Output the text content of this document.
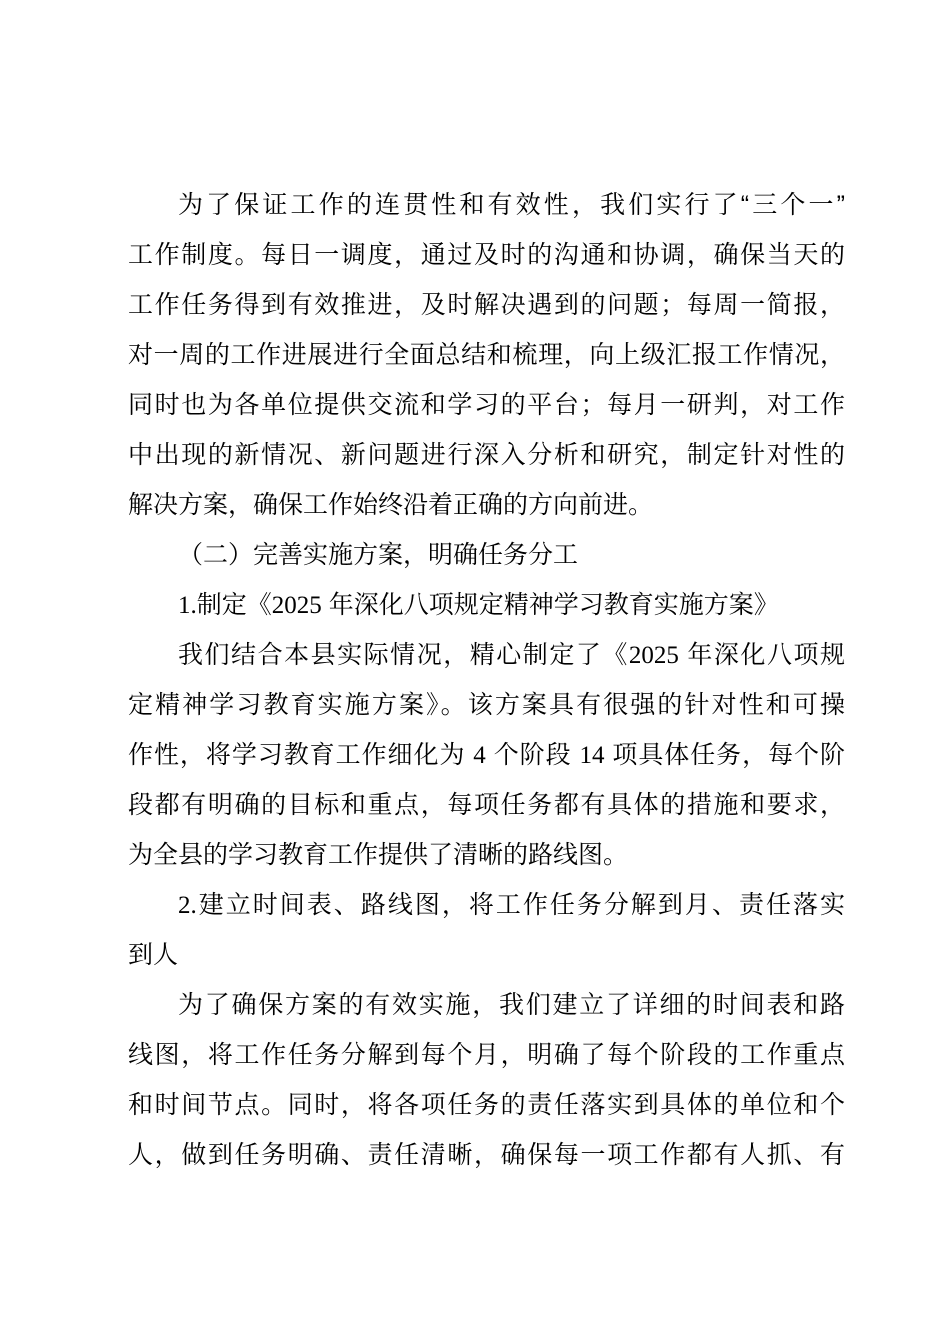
为了保证工作的连贯性和有效性，我们实行了“三个一”
工作制度。每日一调度，通过及时的沟通和协调，确保当天的
工作任务得到有效推进，及时解决遇到的问题；每周一简报，
对一周的工作进展进行全面总结和梳理，向上级汇报工作情况，
同时也为各单位提供交流和学习的平台；每月一研判，对工作
中出现的新情况、新问题进行深入分析和研究，制定针对性的
解决方案，确保工作始终沿着正确的方向前进。
（二）完善实施方案，明确任务分工
1.制定《2025 年深化八项规定精神学习教育实施方案》
我们结合本县实际情况，精心制定了《2025 年深化八项规
定精神学习教育实施方案》。该方案具有很强的针对性和可操
作性，将学习教育工作细化为 4 个阶段 14 项具体任务，每个阶
段都有明确的目标和重点，每项任务都有具体的措施和要求，
为全县的学习教育工作提供了清晰的路线图。
2.建立时间表、路线图，将工作任务分解到月、责任落实
到人
为了确保方案的有效实施，我们建立了详细的时间表和路
线图，将工作任务分解到每个月，明确了每个阶段的工作重点
和时间节点。同时，将各项任务的责任落实到具体的单位和个
人，做到任务明确、责任清晰，确保每一项工作都有人抓、有
